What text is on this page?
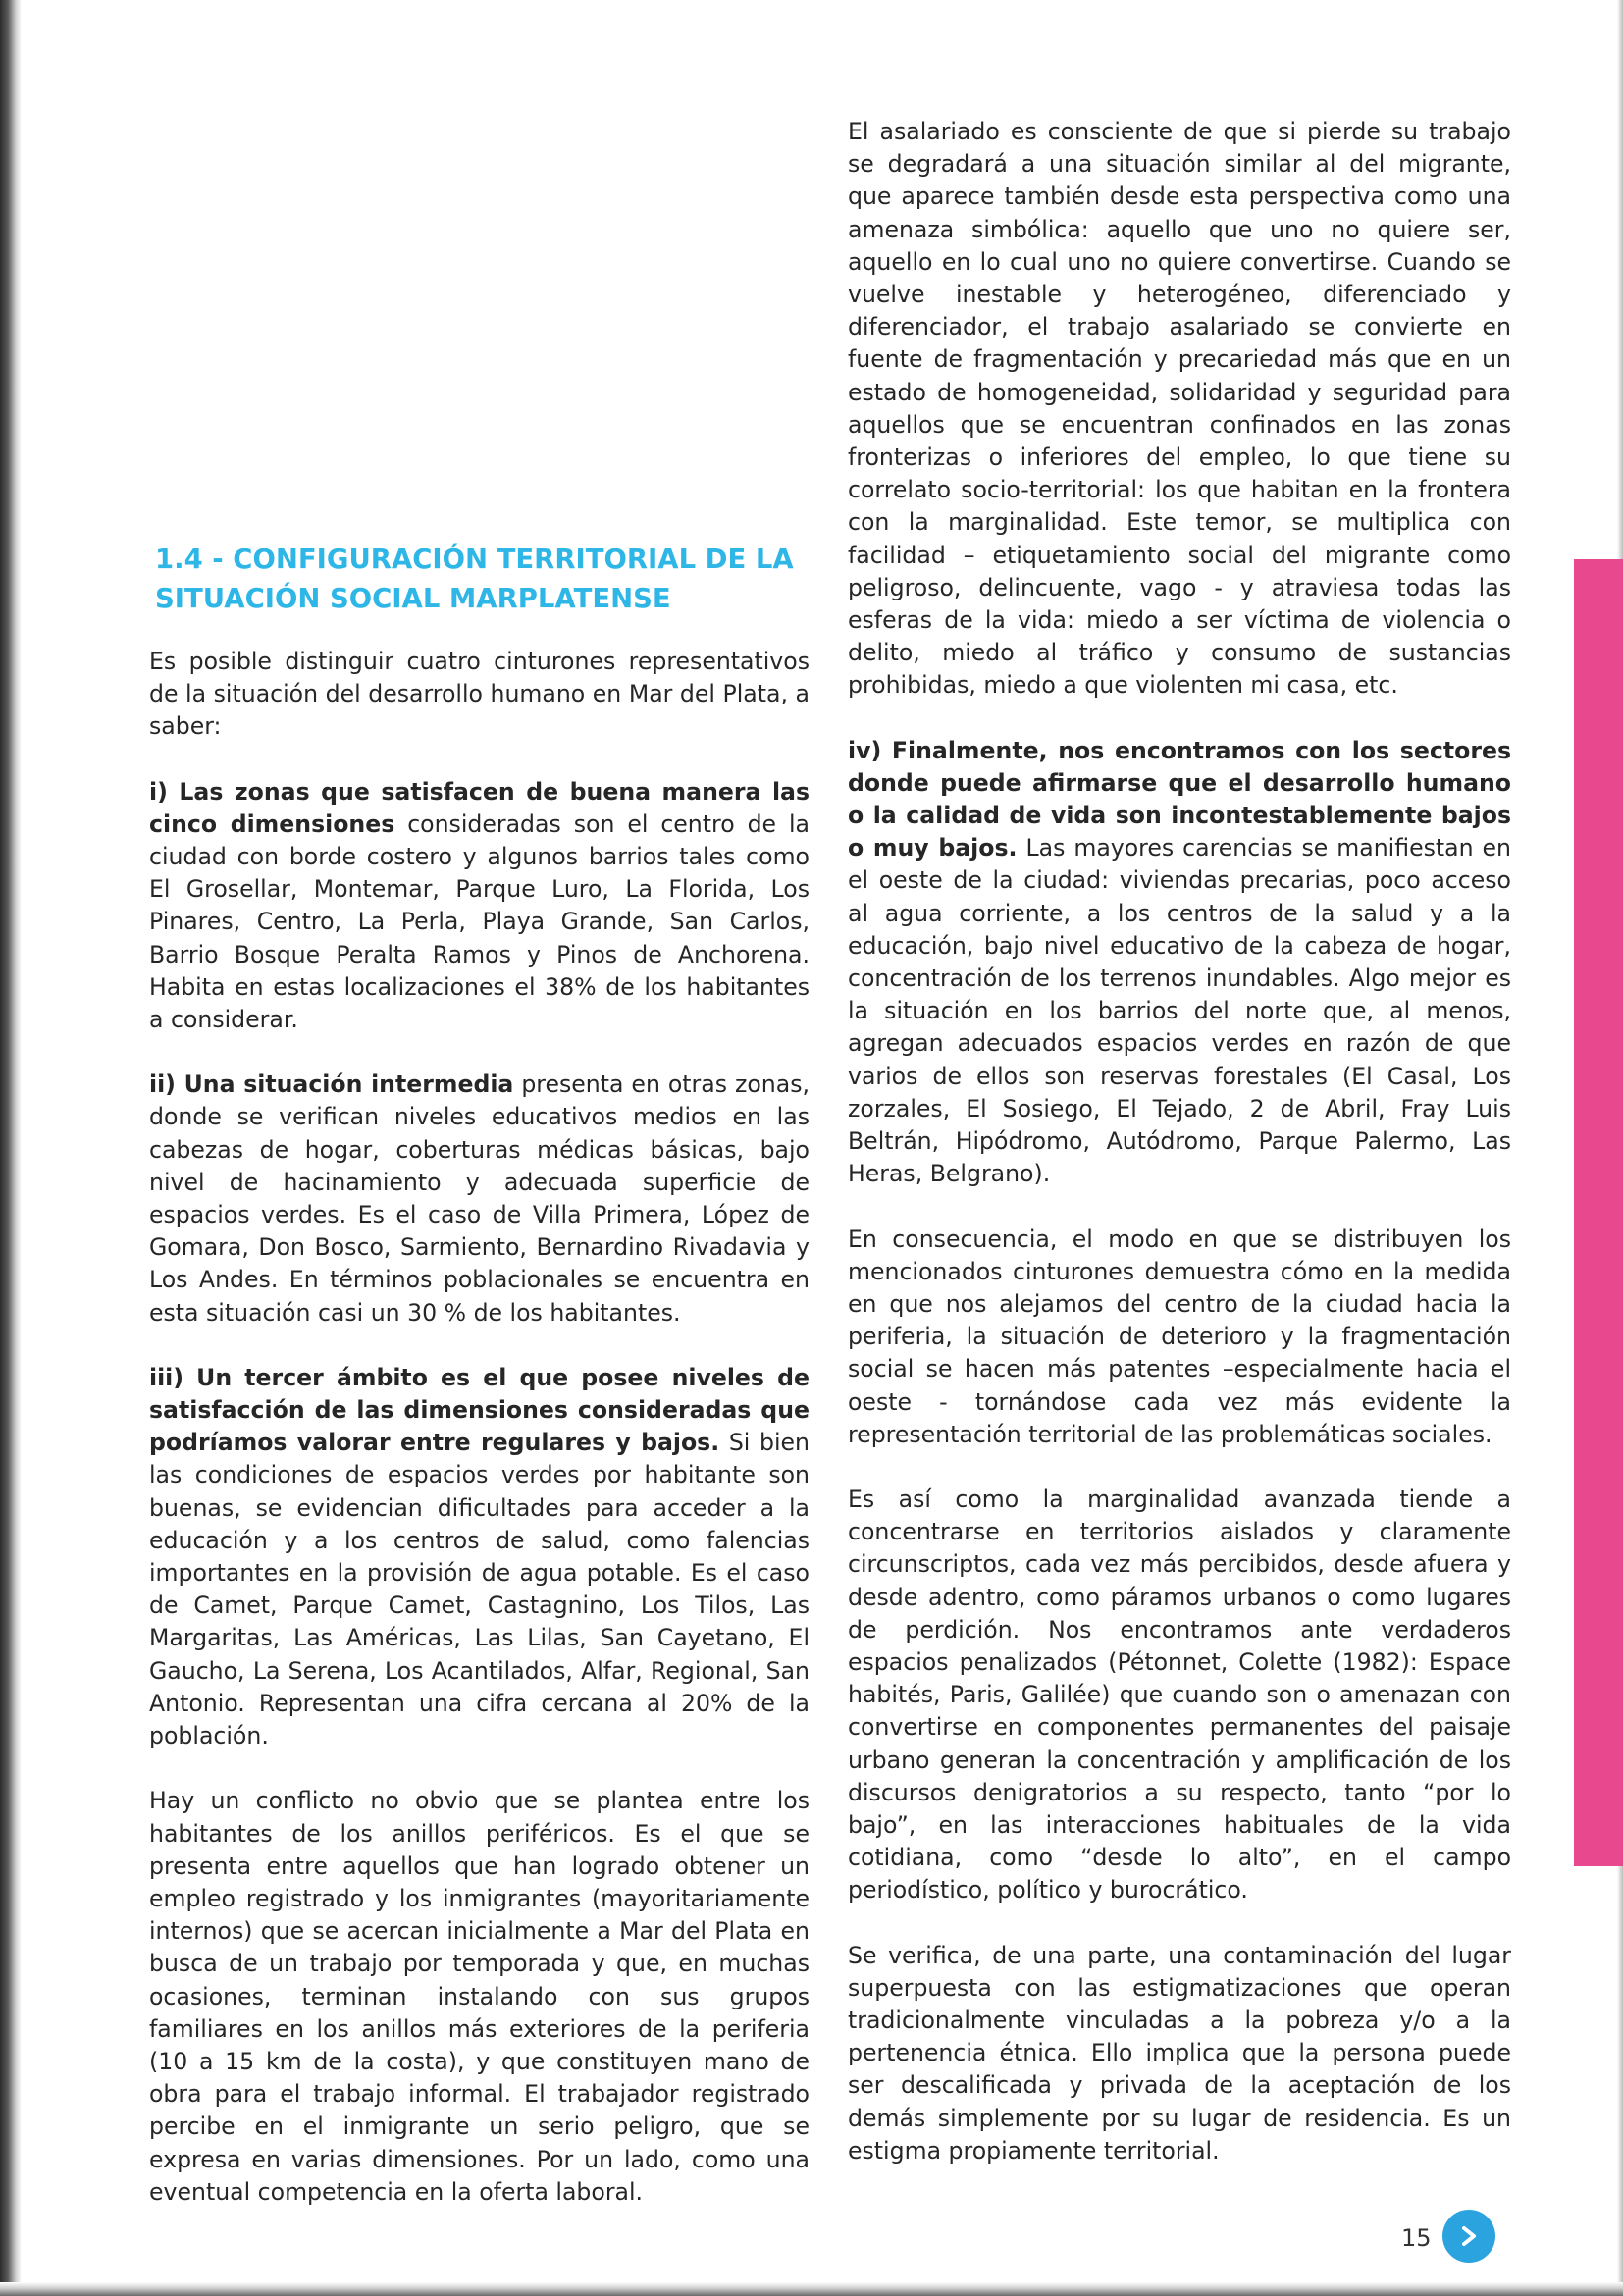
1.4 - CONFIGURACIÓN TERRITORIAL DE LA
SITUACIÓN SOCIAL MARPLATENSE

Es posible distinguir cuatro cinturones representativos de la situación del desarrollo humano en Mar del Plata, a saber:

i) Las zonas que satisfacen de buena manera las cinco dimensiones consideradas son el centro de la ciudad con borde costero y algunos barrios tales como El Grosellar, Montemar, Parque Luro, La Florida, Los Pinares, Centro, La Perla, Playa Grande, San Carlos, Barrio Bosque Peralta Ramos y Pinos de Anchorena. Habita en estas localizaciones el 38% de los habitantes a considerar.

ii) Una situación intermedia presenta en otras zonas, donde se verifican niveles educativos medios en las cabezas de hogar, coberturas médicas básicas, bajo nivel de hacinamiento y adecuada superficie de espacios verdes. Es el caso de Villa Primera, López de Gomara, Don Bosco, Sarmiento, Bernardino Rivadavia y Los Andes. En términos poblacionales se encuentra en esta situación casi un 30 % de los habitantes.

iii) Un tercer ámbito es el que posee niveles de satisfacción de las dimensiones consideradas que podríamos valorar entre regulares y bajos. Si bien las condiciones de espacios verdes por habitante son buenas, se evidencian dificultades para acceder a la educación y a los centros de salud, como falencias importantes en la provisión de agua potable. Es el caso de Camet, Parque Camet, Castagnino, Los Tilos, Las Margaritas, Las Américas, Las Lilas, San Cayetano, El Gaucho, La Serena, Los Acantilados, Alfar, Regional, San Antonio. Representan una cifra cercana al 20% de la población.

Hay un conflicto no obvio que se plantea entre los habitantes de los anillos periféricos. Es el que se presenta entre aquellos que han logrado obtener un empleo registrado y los inmigrantes (mayoritariamente internos) que se acercan inicialmente a Mar del Plata en busca de un trabajo por temporada y que, en muchas ocasiones, terminan instalando con sus grupos familiares en los anillos más exteriores de la periferia (10 a 15 km de la costa), y que constituyen mano de obra para el trabajo informal. El trabajador registrado percibe en el inmigrante un serio peligro, que se expresa en varias dimensiones. Por un lado, como una eventual competencia en la oferta laboral.

El asalariado es consciente de que si pierde su trabajo se degradará a una situación similar al del migrante, que aparece también desde esta perspectiva como una amenaza simbólica: aquello que uno no quiere ser, aquello en lo cual uno no quiere convertirse. Cuando se vuelve inestable y heterogéneo, diferenciado y diferenciador, el trabajo asalariado se convierte en fuente de fragmentación y precariedad más que en un estado de homogeneidad, solidaridad y seguridad para aquellos que se encuentran confinados en las zonas fronterizas o inferiores del empleo, lo que tiene su correlato socio-territorial: los que habitan en la frontera con la marginalidad. Este temor, se multiplica con facilidad – etiquetamiento social del migrante como peligroso, delincuente, vago - y atraviesa todas las esferas de la vida: miedo a ser víctima de violencia o delito, miedo al tráfico y consumo de sustancias prohibidas, miedo a que violenten mi casa, etc.

iv) Finalmente, nos encontramos con los sectores donde puede afirmarse que el desarrollo humano o la calidad de vida son incontestablemente bajos o muy bajos. Las mayores carencias se manifiestan en el oeste de la ciudad: viviendas precarias, poco acceso al agua corriente, a los centros de la salud y a la educación, bajo nivel educativo de la cabeza de hogar, concentración de los terrenos inundables. Algo mejor es la situación en los barrios del norte que, al menos, agregan adecuados espacios verdes en razón de que varios de ellos son reservas forestales (El Casal, Los zorzales, El Sosiego, El Tejado, 2 de Abril, Fray Luis Beltrán, Hipódromo, Autódromo, Parque Palermo, Las Heras, Belgrano).

En consecuencia, el modo en que se distribuyen los mencionados cinturones demuestra cómo en la medida en que nos alejamos del centro de la ciudad hacia la periferia, la situación de deterioro y la fragmentación social se hacen más patentes –especialmente hacia el oeste - tornándose cada vez más evidente la representación territorial de las problemáticas sociales.

Es así como la marginalidad avanzada tiende a concentrarse en territorios aislados y claramente circunscriptos, cada vez más percibidos, desde afuera y desde adentro, como páramos urbanos o como lugares de perdición. Nos encontramos ante verdaderos espacios penalizados (Pétonnet, Colette (1982): Espace habités, Paris, Galilée) que cuando son o amenazan con convertirse en componentes permanentes del paisaje urbano generan la concentración y amplificación de los discursos denigratorios a su respecto, tanto “por lo bajo”, en las interacciones habituales de la vida cotidiana, como “desde lo alto”, en el campo periodístico, político y burocrático.

Se verifica, de una parte, una contaminación del lugar superpuesta con las estigmatizaciones que operan tradicionalmente vinculadas a la pobreza y/o a la pertenencia étnica. Ello implica que la persona puede ser descalificada y privada de la aceptación de los demás simplemente por su lugar de residencia. Es un estigma propiamente territorial.

15
